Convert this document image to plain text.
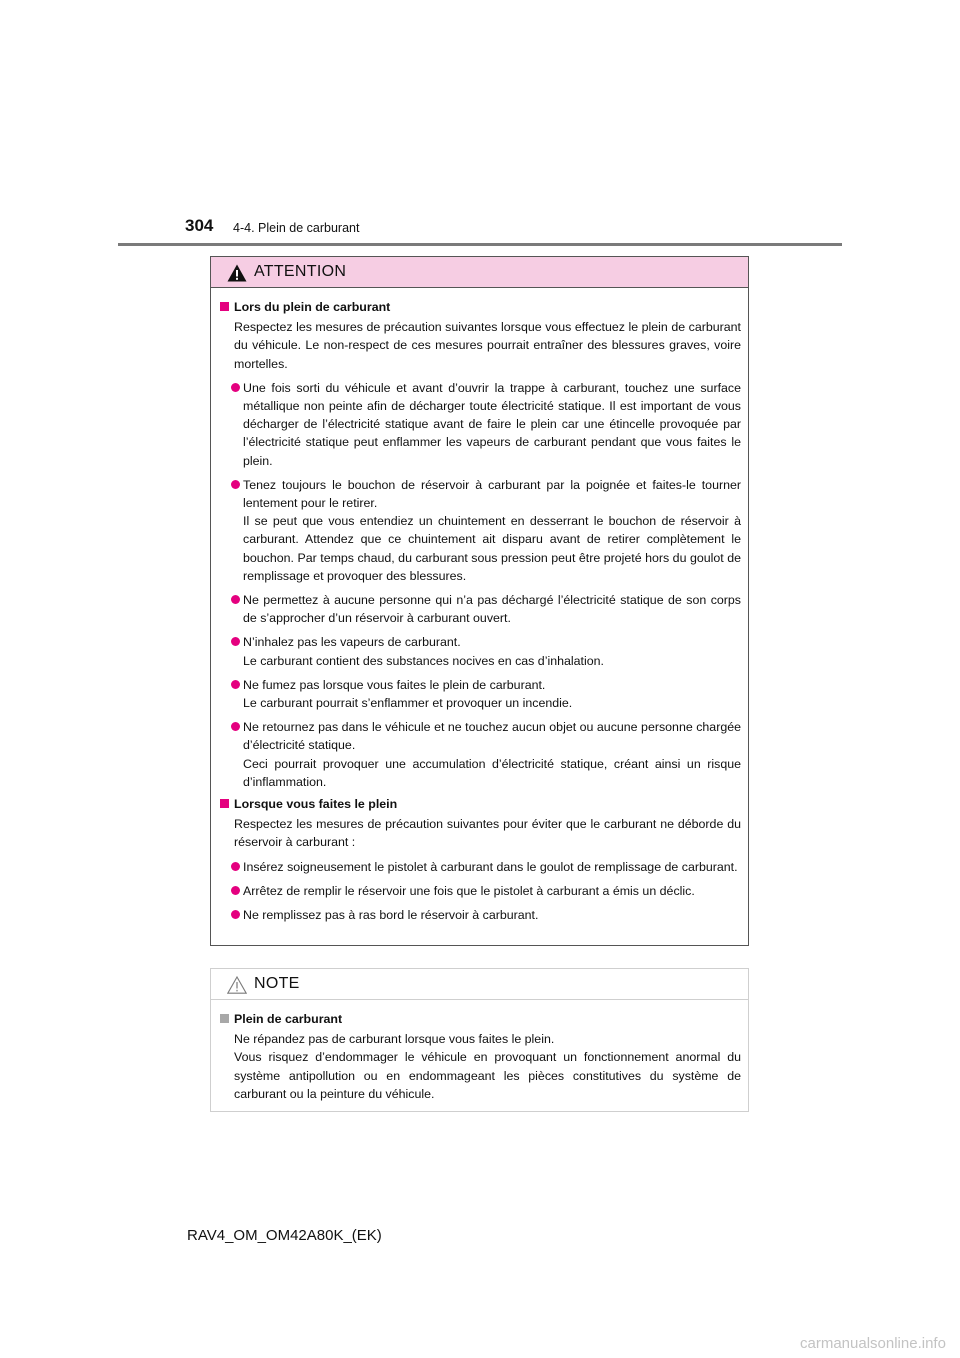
304 4-4. Plein de carburant
ATTENTION
Lors du plein de carburant

Respectez les mesures de précaution suivantes lorsque vous effectuez le plein de carburant du véhicule. Le non-respect de ces mesures pourrait entraîner des blessures graves, voire mortelles.

Une fois sorti du véhicule et avant d’ouvrir la trappe à carburant, touchez une surface métallique non peinte afin de décharger toute électricité statique. Il est important de vous décharger de l’électricité statique avant de faire le plein car une étincelle provoquée par l’électricité statique peut enflammer les vapeurs de carburant pendant que vous faites le plein.

Tenez toujours le bouchon de réservoir à carburant par la poignée et faites-le tourner lentement pour le retirer.

Il se peut que vous entendiez un chuintement en desserrant le bouchon de réservoir à carburant. Attendez que ce chuintement ait disparu avant de retirer complètement le bouchon. Par temps chaud, du carburant sous pression peut être projeté hors du goulot de remplissage et provoquer des blessures.

Ne permettez à aucune personne qui n’a pas déchargé l’électricité statique de son corps de s’approcher d’un réservoir à carburant ouvert.

N’inhalez pas les vapeurs de carburant.

Le carburant contient des substances nocives en cas d’inhalation.

Ne fumez pas lorsque vous faites le plein de carburant.

Le carburant pourrait s’enflammer et provoquer un incendie.

Ne retournez pas dans le véhicule et ne touchez aucun objet ou aucune personne chargée d’électricité statique.

Ceci pourrait provoquer une accumulation d’électricité statique, créant ainsi un risque d’inflammation.

Lorsque vous faites le plein

Respectez les mesures de précaution suivantes pour éviter que le carburant ne déborde du réservoir à carburant :

Insérez soigneusement le pistolet à carburant dans le goulot de remplissage de carburant.

Arrêtez de remplir le réservoir une fois que le pistolet à carburant a émis un déclic.

Ne remplissez pas à ras bord le réservoir à carburant.

NOTE
Plein de carburant

Ne répandez pas de carburant lorsque vous faites le plein.

Vous risquez d’endommager le véhicule en provoquant un fonctionnement anormal du système antipollution ou en endommageant les pièces constitutives du système de carburant ou la peinture du véhicule.

RAV4_OM_OM42A80K_(EK)
carmanualsonline.info
